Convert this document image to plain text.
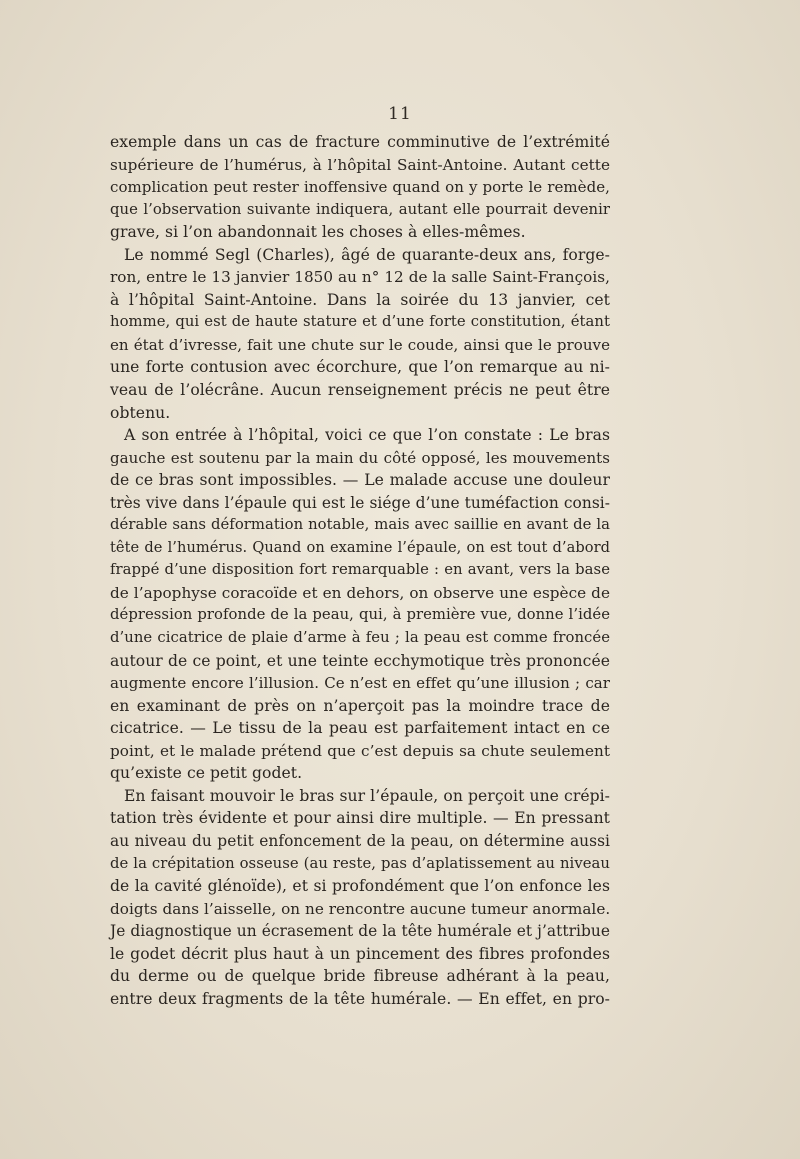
11
exemple dans un cas de fracture comminutive de l’extrémité
supérieure de l’humérus, à l’hôpital Saint-Antoine. Autant cette
complication peut rester inoffensive quand on y porte le remède,
que l’observation suivante indiquera, autant elle pourrait devenir
grave, si l’on abandonnait les choses à elles-mêmes.
Le nommé Segl (Charles), âgé de quarante-deux ans, forge-
ron, entre le 13 janvier 1850 au n° 12 de la salle Saint-François,
à l’hôpital Saint-Antoine. Dans la soirée du 13 janvier, cet
homme, qui est de haute stature et d’une forte constitution, étant
en état d’ivresse, fait une chute sur le coude, ainsi que le prouve
une forte contusion avec écorchure, que l’on remarque au ni-
veau de l’olécrâne. Aucun renseignement précis ne peut être
obtenu.
A son entrée à l’hôpital, voici ce que l’on constate : Le bras
gauche est soutenu par la main du côté opposé, les mouvements
de ce bras sont impossibles. — Le malade accuse une douleur
très vive dans l’épaule qui est le siége d’une tuméfaction consi-
dérable sans déformation notable, mais avec saillie en avant de la
tête de l’humérus. Quand on examine l’épaule, on est tout d’abord
frappé d’une disposition fort remarquable : en avant, vers la base
de l’apophyse coracoïde et en dehors, on observe une espèce de
dépression profonde de la peau, qui, à première vue, donne l’idée
d’une cicatrice de plaie d’arme à feu ; la peau est comme froncée
autour de ce point, et une teinte ecchymotique très prononcée
augmente encore l’illusion. Ce n’est en effet qu’une illusion ; car
en examinant de près on n’aperçoit pas la moindre trace de
cicatrice. — Le tissu de la peau est parfaitement intact en ce
point, et le malade prétend que c’est depuis sa chute seulement
qu’existe ce petit godet.
En faisant mouvoir le bras sur l’épaule, on perçoit une crépi-
tation très évidente et pour ainsi dire multiple. — En pressant
au niveau du petit enfoncement de la peau, on détermine aussi
de la crépitation osseuse (au reste, pas d’aplatissement au niveau
de la cavité glénoïde), et si profondément que l’on enfonce les
doigts dans l’aisselle, on ne rencontre aucune tumeur anormale.
Je diagnostique un écrasement de la tête humérale et j’attribue
le godet décrit plus haut à un pincement des fibres profondes
du derme ou de quelque bride fibreuse adhérant à la peau,
entre deux fragments de la tête humérale. — En effet, en pro-
